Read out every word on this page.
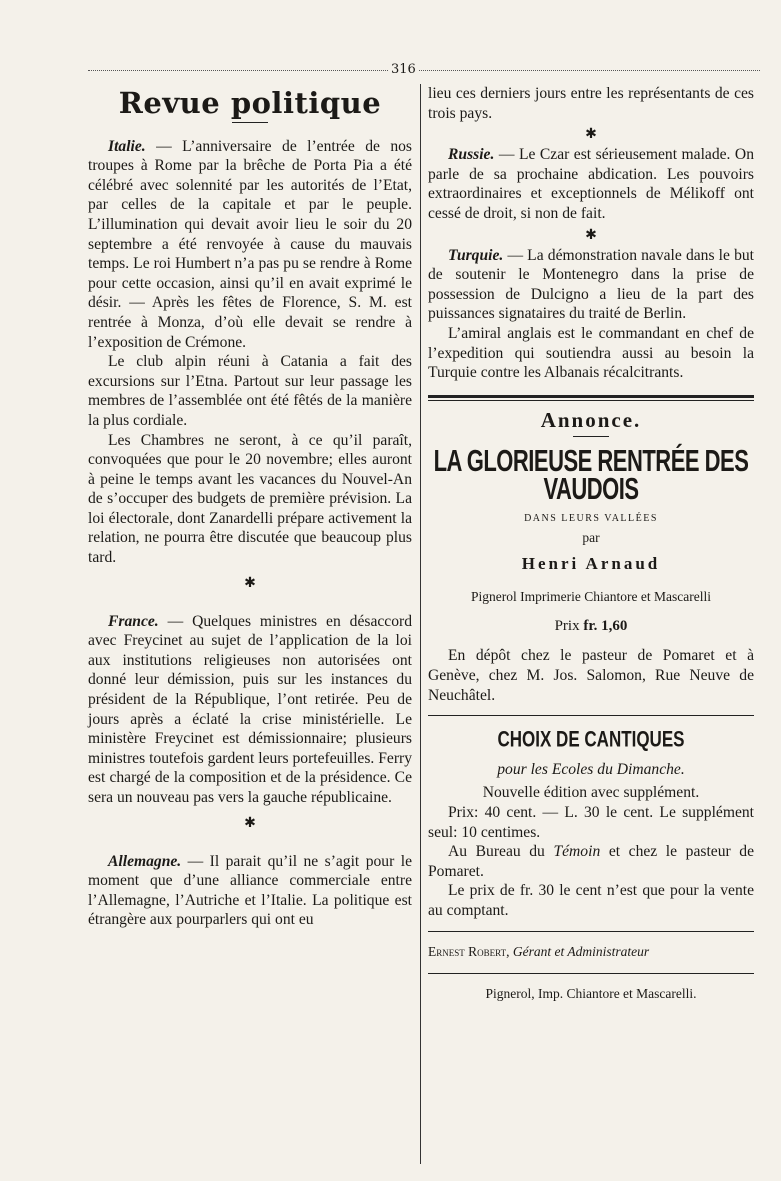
316
Revue politique

Italie. — L’anniversaire de l’entrée de nos troupes à Rome par la brêche de Porta Pia a été célébré avec solennité par les autorités de l’Etat, par celles de la capitale et par le peuple. L’illumination qui devait avoir lieu le soir du 20 septembre a été renvoyée à cause du mauvais temps. Le roi Humbert n’a pas pu se rendre à Rome pour cette occasion, ainsi qu’il en avait exprimé le désir. — Après les fêtes de Florence, S. M. est rentrée à Monza, d’où elle devait se rendre à l’exposition de Crémone.

Le club alpin réuni à Catania a fait des excursions sur l’Etna. Partout sur leur passage les membres de l’assemblée ont été fêtés de la manière la plus cordiale.

Les Chambres ne seront, à ce qu’il paraît, convoquées que pour le 20 novembre; elles auront à peine le temps avant les vacances du Nouvel-An de s’occuper des budgets de première prévision. La loi électorale, dont Zanardelli prépare activement la relation, ne pourra être discutée que beaucoup plus tard.

✱

France. — Quelques ministres en désaccord avec Freycinet au sujet de l’application de la loi aux institutions religieuses non autorisées ont donné leur démission, puis sur les instances du président de la République, l’ont retirée. Peu de jours après a éclaté la crise ministérielle. Le ministère Freycinet est démissionnaire; plusieurs ministres toutefois gardent leurs portefeuilles. Ferry est chargé de la composition et de la présidence. Ce sera un nouveau pas vers la gauche républicaine.

✱

Allemagne. — Il parait qu’il ne s’agit pour le moment que d’une alliance commerciale entre l’Allemagne, l’Autriche et l’Italie. La politique est étrangère aux pourparlers qui ont eu

lieu ces derniers jours entre les représentants de ces trois pays.

✱

Russie. — Le Czar est sérieusement malade. On parle de sa prochaine abdication. Les pouvoirs extraordinaires et exceptionnels de Mélikoff ont cessé de droit, si non de fait.

✱

Turquie. — La démonstration navale dans le but de soutenir le Montenegro dans la prise de possession de Dulcigno a lieu de la part des puissances signataires du traité de Berlin.

L’amiral anglais est le commandant en chef de l’expedition qui soutiendra aussi au besoin la Turquie contre les Albanais récalcitrants.

Annonce.
LA GLORIEUSE RENTRÉE DES VAUDOIS
DANS LEURS VALLÉES
par
Henri Arnaud
Pignerol Imprimerie Chiantore et Mascarelli
Prix fr. 1,60

En dépôt chez le pasteur de Pomaret et à Genève, chez M. Jos. Salomon, Rue Neuve de Neuchâtel.

CHOIX DE CANTIQUES
pour les Ecoles du Dimanche.

Nouvelle édition avec supplément.

Prix: 40 cent. — L. 30 le cent. Le supplément seul: 10 centimes.

Au Bureau du Témoin et chez le pasteur de Pomaret.

Le prix de fr. 30 le cent n’est que pour la vente au comptant.

Ernest Robert, Gérant et Administrateur
Pignerol, Imp. Chiantore et Mascarelli.
